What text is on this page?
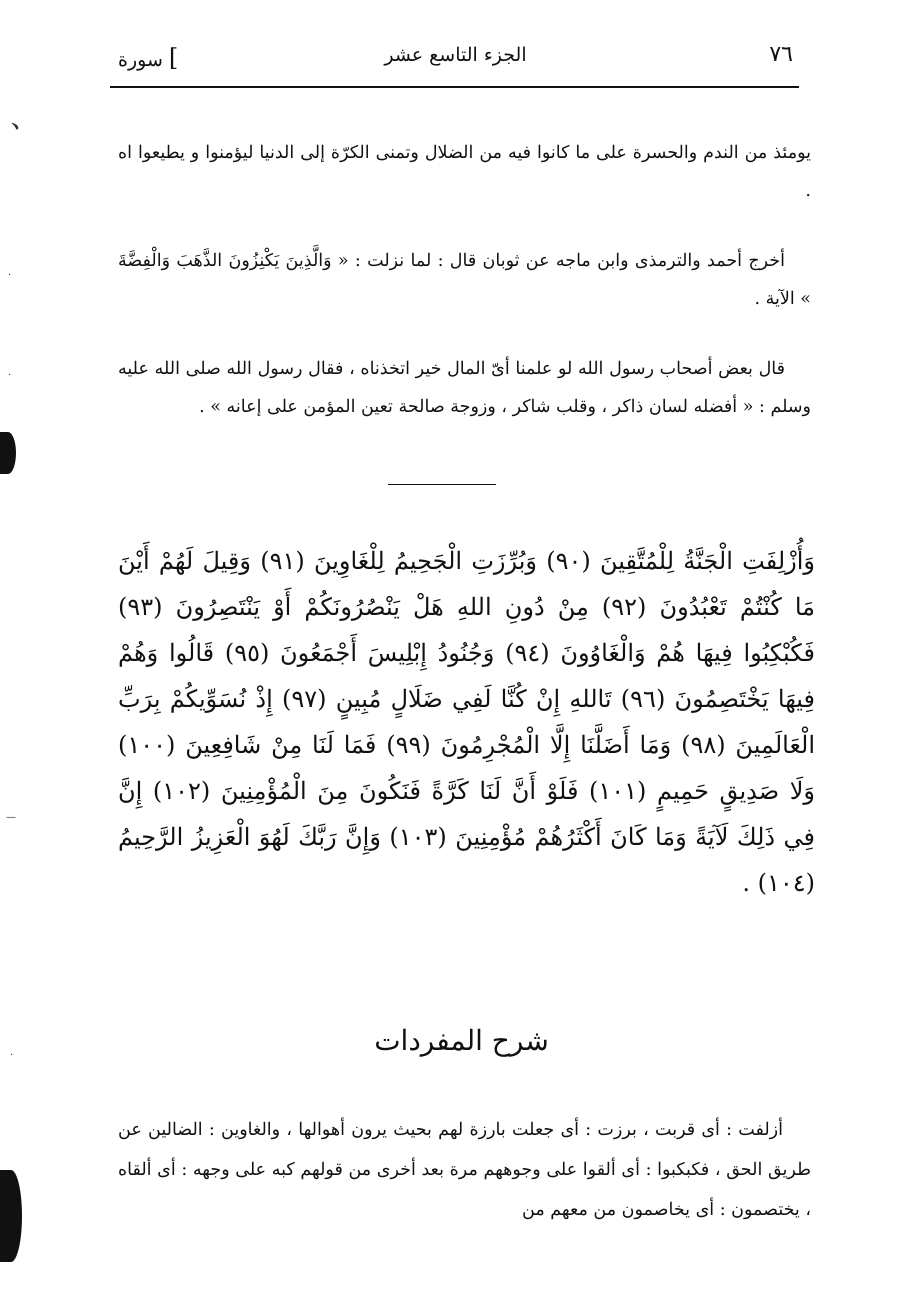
٧٦
الجزء التاسع عشر
]سورة

يومئذ من الندم والحسرة على ما كانوا فيه من الضلال وتمنى الكرّة إلى الدنيا ليؤمنوا و يطيعوا اه .

أخرج أحمد والترمذى وابن ماجه عن ثوبان قال : لما نزلت : « وَالَّذِينَ يَكْنِزُونَ الذَّهَبَ وَالْفِضَّةَ » الآية .

قال بعض أصحاب رسول الله لو علمنا أىّ المال خير اتخذناه ، فقال رسول الله صلى الله عليه وسلم : « أفضله لسان ذاكر ، وقلب شاكر ، وزوجة صالحة تعين المؤمن على إعانه » .

وَأُزْلِفَتِ الْجَنَّةُ لِلْمُتَّقِينَ (٩٠) وَبُرِّزَتِ الْجَحِيمُ لِلْغَاوِينَ (٩١) وَقِيلَ لَهُمْ أَيْنَ مَا كُنْتُمْ تَعْبُدُونَ (٩٢) مِنْ دُونِ اللهِ هَلْ يَنْصُرُونَكُمْ أَوْ يَنْتَصِرُونَ (٩٣) فَكُبْكِبُوا فِيهَا هُمْ وَالْغَاوُونَ (٩٤) وَجُنُودُ إِبْلِيسَ أَجْمَعُونَ (٩٥) قَالُوا وَهُمْ فِيهَا يَخْتَصِمُونَ (٩٦) تَاللهِ إِنْ كُنَّا لَفِي ضَلَالٍ مُبِينٍ (٩٧) إِذْ نُسَوِّيكُمْ بِرَبِّ الْعَالَمِينَ (٩٨) وَمَا أَضَلَّنَا إِلَّا الْمُجْرِمُونَ (٩٩) فَمَا لَنَا مِنْ شَافِعِينَ (١٠٠) وَلَا صَدِيقٍ حَمِيمٍ (١٠١) فَلَوْ أَنَّ لَنَا كَرَّةً فَنَكُونَ مِنَ الْمُؤْمِنِينَ (١٠٢) إِنَّ فِي ذَلِكَ لَآيَةً وَمَا كَانَ أَكْثَرُهُمْ مُؤْمِنِينَ (١٠٣) وَإِنَّ رَبَّكَ لَهُوَ الْعَزِيزُ الرَّحِيمُ (١٠٤) .

شرح المفردات

أزلفت : أى قربت ، برزت : أى جعلت بارزة لهم بحيث يرون أهوالها ، والغاوين : الضالين عن طريق الحق ، فكبكبوا : أى ألقوا على وجوههم مرة بعد أخرى من قولهم كبه على وجهه : أى ألقاه ، يختصمون : أى يخاصمون من معهم من

﹅
·
·
—
·
